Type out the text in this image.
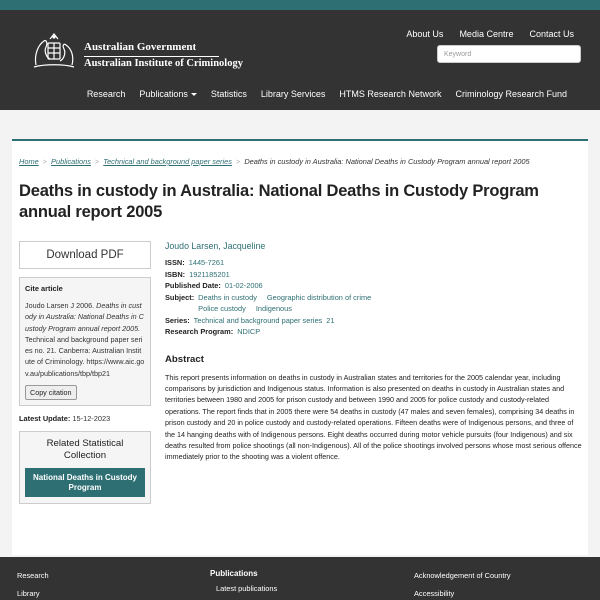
Australian Government
Australian Institute of Criminology
About Us Media Centre Contact Us
Keyword
Research	Publications	Statistics	Library Services	HTMS Research Network	Criminology Research Fund
Home > Publications > Technical and background paper series > Deaths in custody in Australia: National Deaths in Custody Program annual report 2005
Deaths in custody in Australia: National Deaths in Custody Program annual report 2005
Download PDF
Cite article
Joudo Larsen J 2006. Deaths in custody in Australia: National Deaths in Custody Program annual report 2005. Technical and background paper series no. 21. Canberra: Australian Institute of Criminology. https://www.aic.gov.au/publications/tbp/tbp21
Copy citation
Latest Update: 15-12-2023
Related Statistical Collection
National Deaths in Custody Program
Joudo Larsen, Jacqueline
ISSN: 1445-7261
ISBN: 1921185201
Published Date: 01-02-2006
Subject: Deaths in custody Geographic distribution of crime
Police custody Indigenous
Series: Technical and background paper series 21
Research Program: NDICP
Abstract

This report presents information on deaths in custody in Australian states and territories for the 2005 calendar year, including comparisons by jurisdiction and Indigenous status. Information is also presented on deaths in custody in Australian states and territories between 1980 and 2005 for prison custody and between 1990 and 2005 for police custody and custody-related operations. The report finds that in 2005 there were 54 deaths in custody (47 males and seven females), comprising 34 deaths in prison custody and 20 in police custody and custody-related operations. Fifteen deaths were of Indigenous persons, and three of the 14 hanging deaths with of Indigenous persons. Eight deaths occurred during motor vehicle pursuits (four Indigenous) and six deaths resulted from police shootings (all non-Indigenous). All of the police shootings involved persons whose most serious offence immediately prior to the shooting was a violent offence.

Research
Library
Publications
Latest publications
Acknowledgement of Country
Accessibility
